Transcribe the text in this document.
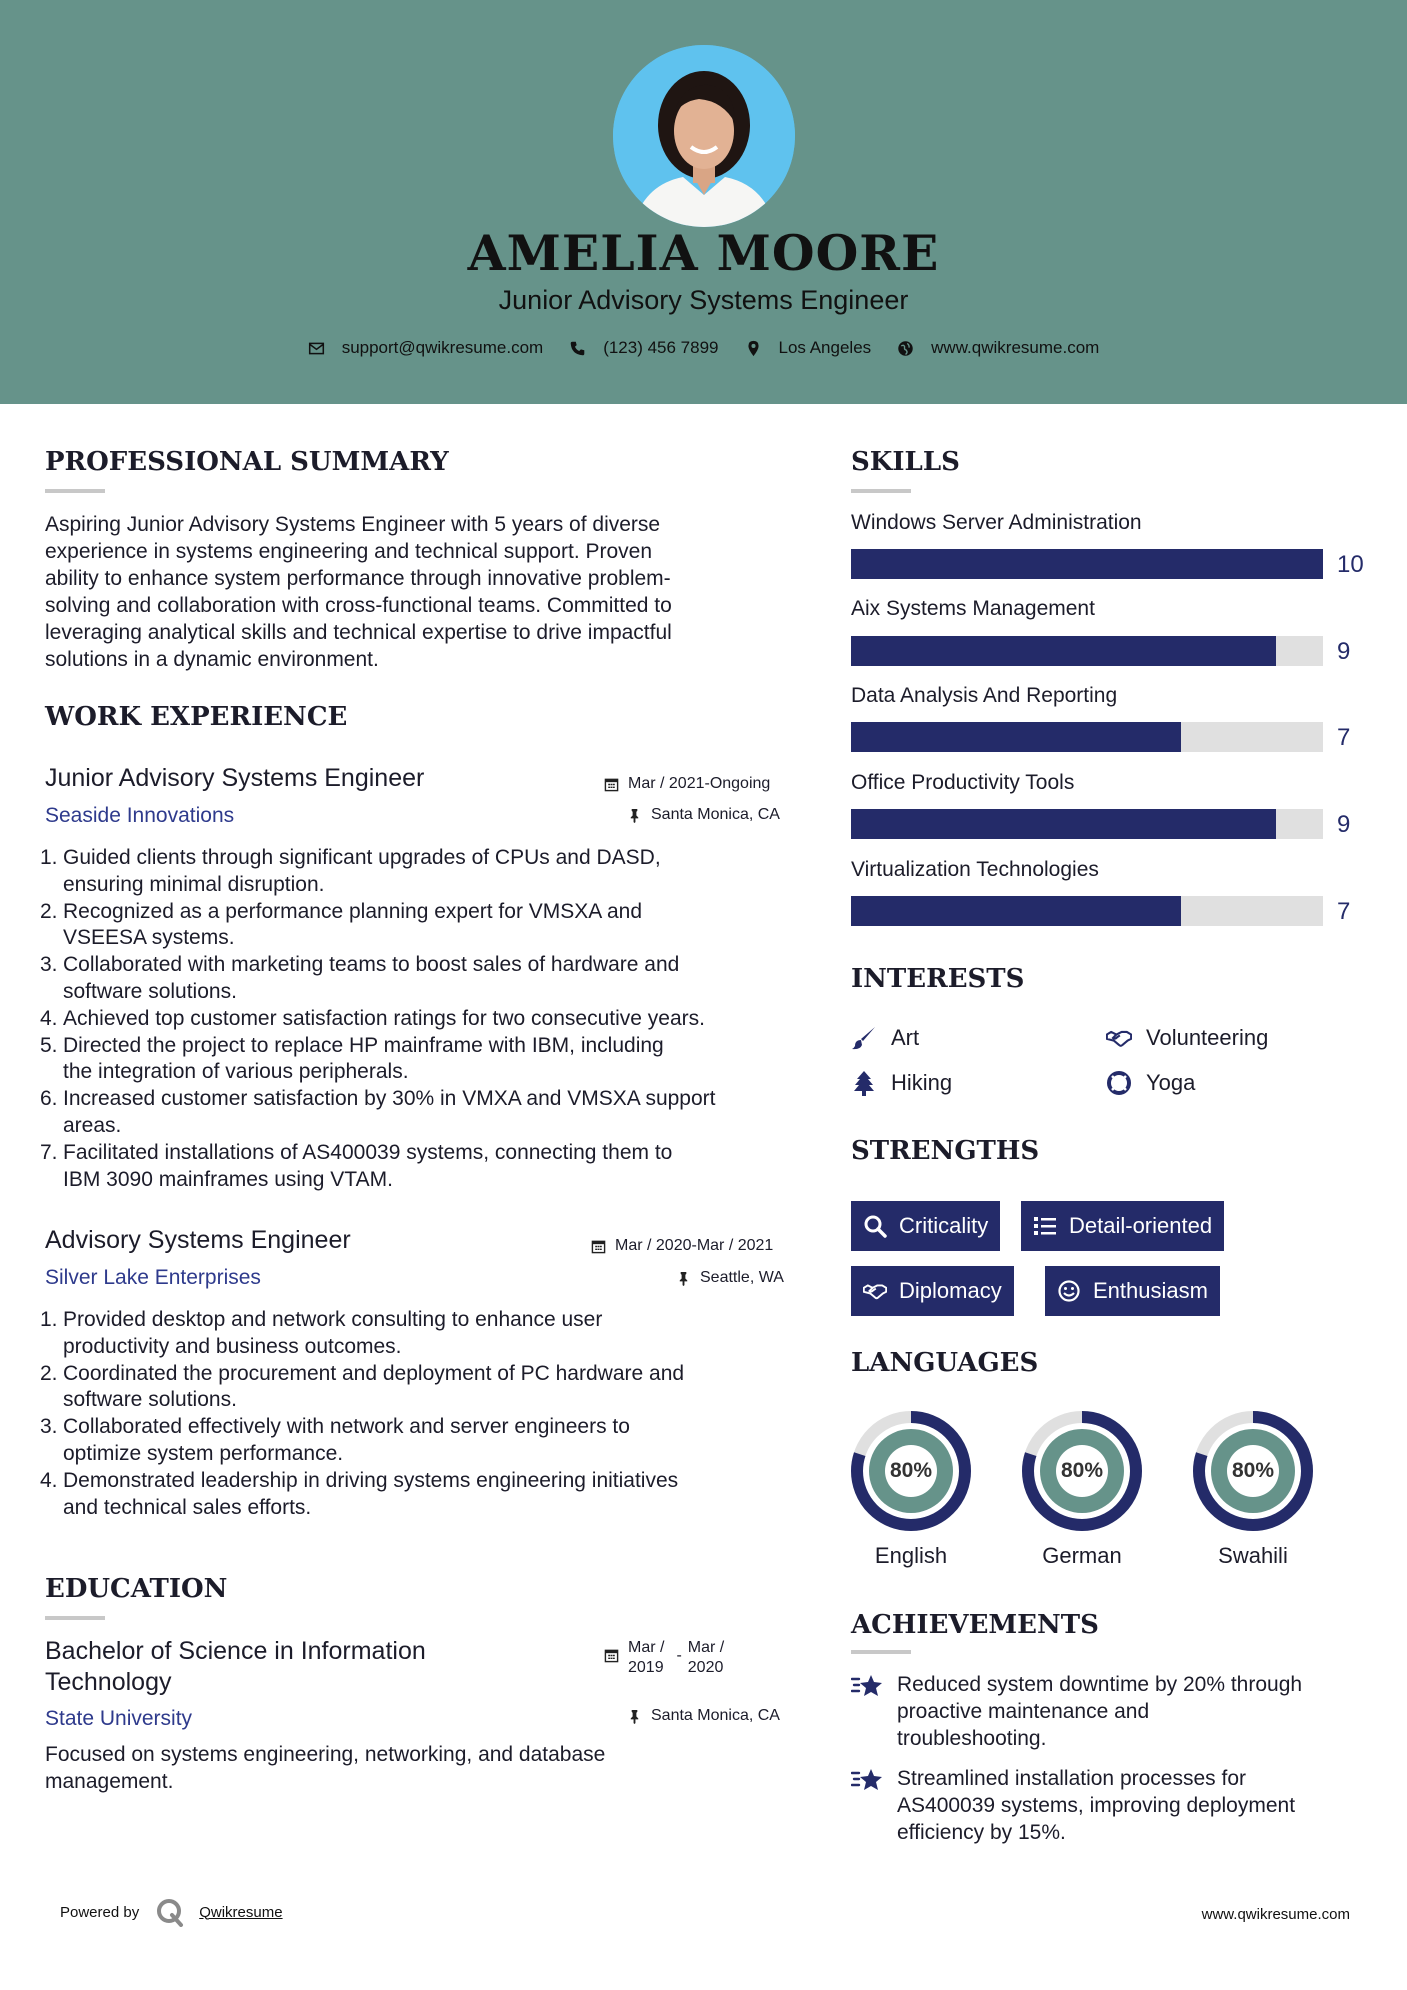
AMELIA MOORE
Junior Advisory Systems Engineer
support@qwikresume.com	(123) 456 7899	Los Angeles	www.qwikresume.com
PROFESSIONAL SUMMARY
Aspiring Junior Advisory Systems Engineer with 5 years of diverse
experience in systems engineering and technical support. Proven
ability to enhance system performance through innovative problem-
solving and collaboration with cross-functional teams. Committed to
leveraging analytical skills and technical expertise to drive impactful
solutions in a dynamic environment.
WORK EXPERIENCE
Junior Advisory Systems Engineer	Mar / 2021-Ongoing
Seaside Innovations	Santa Monica, CA
1. Guided clients through significant upgrades of CPUs and DASD,
ensuring minimal disruption.
2. Recognized as a performance planning expert for VMSXA and
VSEESA systems.
3. Collaborated with marketing teams to boost sales of hardware and
software solutions.
4. Achieved top customer satisfaction ratings for two consecutive years.
5. Directed the project to replace HP mainframe with IBM, including
the integration of various peripherals.
6. Increased customer satisfaction by 30% in VMXA and VMSXA support
areas.
7. Facilitated installations of AS400039 systems, connecting them to
IBM 3090 mainframes using VTAM.
Advisory Systems Engineer	Mar / 2020-Mar / 2021
Silver Lake Enterprises	Seattle, WA
1. Provided desktop and network consulting to enhance user
productivity and business outcomes.
2. Coordinated the procurement and deployment of PC hardware and
software solutions.
3. Collaborated effectively with network and server engineers to
optimize system performance.
4. Demonstrated leadership in driving systems engineering initiatives
and technical sales efforts.
EDUCATION
Bachelor of Science in Information
Technology
Mar /
2019
- Mar /
2020
State University	Santa Monica, CA
Focused on systems engineering, networking, and database
management.
SKILLS
Windows Server Administration
10
Aix Systems Management
9
Data Analysis And Reporting
7
Office Productivity Tools
9
Virtualization Technologies
7
INTERESTS
Art	Volunteering
Hiking	Yoga
STRENGTHS
Criticality	Detail-oriented
Diplomacy	Enthusiasm
LANGUAGES
80%
English
80%
German
80%
Swahili
ACHIEVEMENTS
Reduced system downtime by 20% through
proactive maintenance and
troubleshooting.
Streamlined installation processes for
AS400039 systems, improving deployment
efficiency by 15%.
Powered by	Qwikresume	www.qwikresume.com
